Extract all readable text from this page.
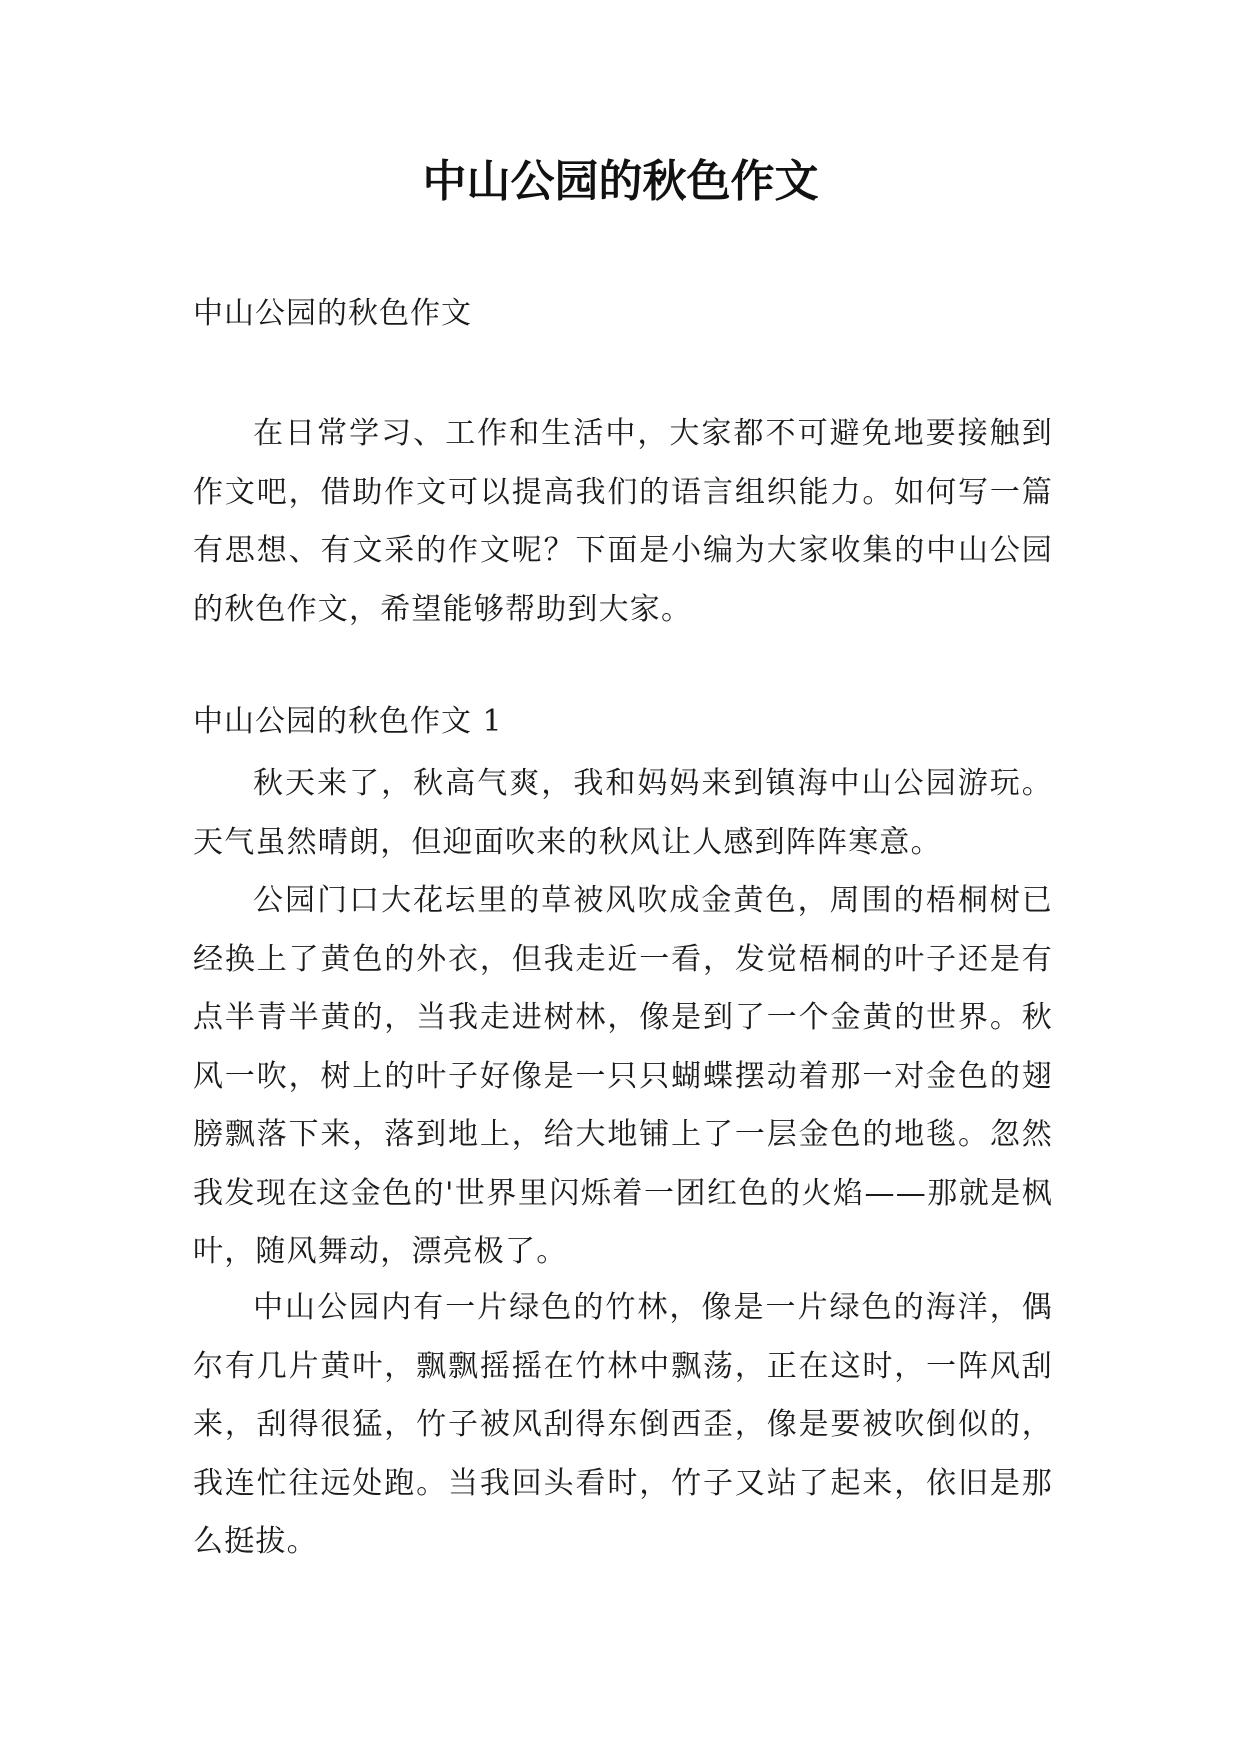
中山公园的秋色作文

中山公园的秋色作文

在日常学习、工作和生活中，大家都不可避免地要接触到作文吧，借助作文可以提高我们的语言组织能力。如何写一篇有思想、有文采的作文呢？下面是小编为大家收集的中山公园的秋色作文，希望能够帮助到大家。

中山公园的秋色作文 1

秋天来了，秋高气爽，我和妈妈来到镇海中山公园游玩。天气虽然晴朗，但迎面吹来的秋风让人感到阵阵寒意。

公园门口大花坛里的草被风吹成金黄色，周围的梧桐树已经换上了黄色的外衣，但我走近一看，发觉梧桐的叶子还是有点半青半黄的，当我走进树林，像是到了一个金黄的世界。秋风一吹，树上的叶子好像是一只只蝴蝶摆动着那一对金色的翅膀飘落下来，落到地上，给大地铺上了一层金色的地毯。忽然我发现在这金色的'世界里闪烁着一团红色的火焰——那就是枫叶，随风舞动，漂亮极了。

中山公园内有一片绿色的竹林，像是一片绿色的海洋，偶尔有几片黄叶，飘飘摇摇在竹林中飘荡，正在这时，一阵风刮来，刮得很猛，竹子被风刮得东倒西歪，像是要被吹倒似的，我连忙往远处跑。当我回头看时，竹子又站了起来，依旧是那么挺拔。
